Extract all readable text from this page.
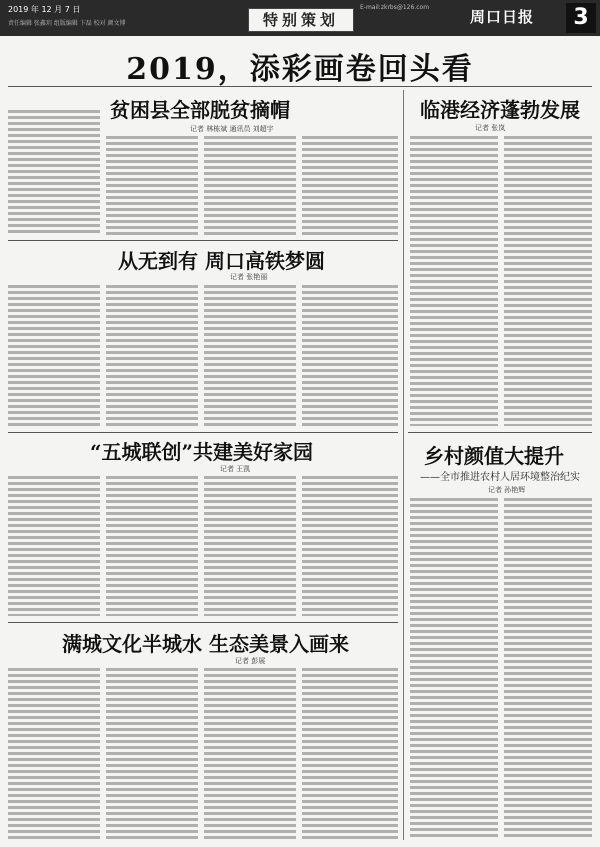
2019 年 12 月 7 日
责任编辑 张鑫玥 组版编辑 卞磊 校对 颜文博	特别策划
E-mail:zkrbs@126.com
周口日报	3
2019，添彩画卷回头看
贫困县全部脱贫摘帽
记者 林栋斌 通讯员 刘超宇
从无到有 周口高铁梦圆
记者 张艳丽
“五城联创”共建美好家园
记者 王凯
满城文化半城水 生态美景入画来
记者 彭展
临港经济蓬勃发展
记者 张岚
乡村颜值大提升
——全市推进农村人居环境整治纪实
记者 孙艳辉
